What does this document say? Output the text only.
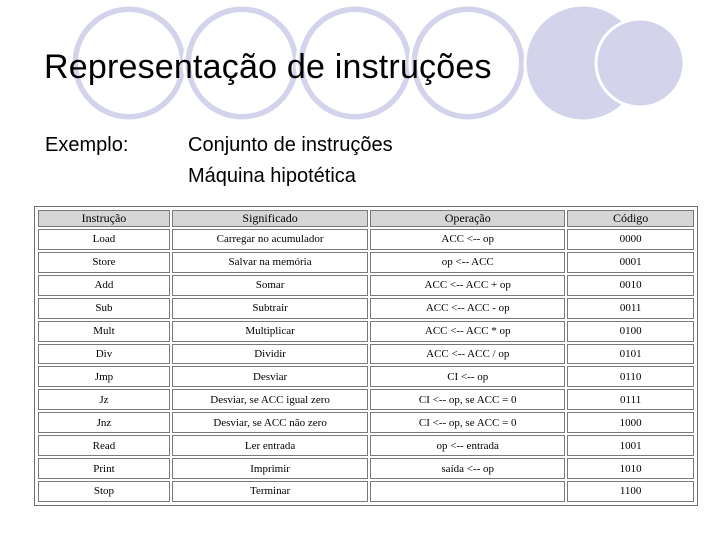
Representação de instruções
Exemplo:	Conjunto de instruções
Máquina hipotética
Instrução	Significado	Operação	Código
Load	Carregar no acumulador	ACC <-- op	0000
Store	Salvar na memória	op <-- ACC	0001
Add	Somar	ACC <-- ACC + op	0010
Sub	Subtrair	ACC <-- ACC - op	0011
Mult	Multiplicar	ACC <-- ACC * op	0100
Div	Dividir	ACC <-- ACC / op	0101
Jmp	Desviar	CI <-- op	0110
Jz	Desviar, se ACC igual zero	CI <-- op, se ACC = 0	0111
Jnz	Desviar, se ACC não zero	CI <-- op, se ACC = 0	1000
Read	Ler entrada	op <-- entrada	1001
Print	Imprimir	saída <-- op	1010
Stop	Terminar		1100
